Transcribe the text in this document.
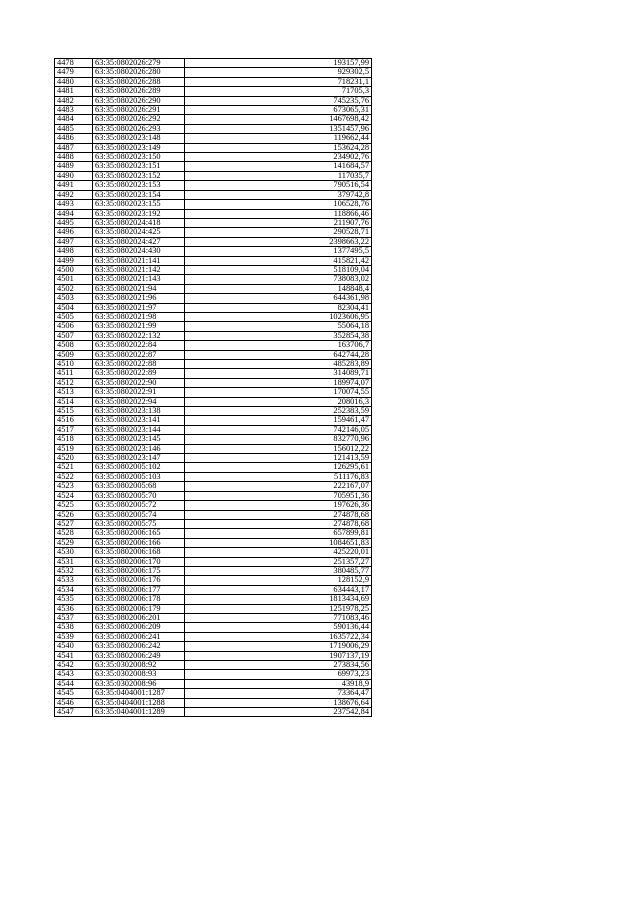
4478	63:35:0802026:279	193157,99
4479	63:35:0802026:280	929302,5
4480	63:35:0802026:288	718231,1
4481	63:35:0802026:289	71705,3
4482	63:35:0802026:290	745235,76
4483	63:35:0802026:291	673065,31
4484	63:35:0802026:292	1467698,42
4485	63:35:0802026:293	1351457,96
4486	63:35:0802023:148	119662,44
4487	63:35:0802023:149	153624,28
4488	63:35:0802023:150	234902,76
4489	63:35:0802023:151	141684,57
4490	63:35:0802023:152	117035,7
4491	63:35:0802023:153	790516,54
4492	63:35:0802023:154	379742,8
4493	63:35:0802023:155	106528,76
4494	63:35:0802023:192	118866,46
4495	63:35:0802024:418	211907,76
4496	63:35:0802024:425	290528,71
4497	63:35:0802024:427	2398663,22
4498	63:35:0802024:430	1377495,5
4499	63:35:0802021:141	415821,42
4500	63:35:0802021:142	518109,04
4501	63:35:0802021:143	738083,02
4502	63:35:0802021:94	148848,4
4503	63:35:0802021:96	644361,98
4504	63:35:0802021:97	82304,41
4505	63:35:0802021:98	1023606,95
4506	63:35:0802021:99	55064,18
4507	63:35:0802022:132	352854,38
4508	63:35:0802022:84	163706,7
4509	63:35:0802022:87	642744,28
4510	63:35:0802022:88	485283,89
4511	63:35:0802022:89	314089,71
4512	63:35:0802022:90	189974,07
4513	63:35:0802022:91	170074,55
4514	63:35:0802022:94	208016,3
4515	63:35:0802023:138	252383,59
4516	63:35:0802023:141	159461,47
4517	63:35:0802023:144	742146,05
4518	63:35:0802023:145	832770,96
4519	63:35:0802023:146	156012,22
4520	63:35:0802023:147	121413,59
4521	63:35:0802005:102	126295,61
4522	63:35:0802005:103	511176,83
4523	63:35:0802005:68	222167,07
4524	63:35:0802005:70	705951,36
4525	63:35:0802005:72	197626,36
4526	63:35:0802005:74	274878,68
4527	63:35:0802005:75	274878,68
4528	63:35:0802006:165	657899,81
4529	63:35:0802006:166	1084651,83
4530	63:35:0802006:168	425220,01
4531	63:35:0802006:170	251357,27
4532	63:35:0802006:175	380485,77
4533	63:35:0802006:176	128152,9
4534	63:35:0802006:177	634443,17
4535	63:35:0802006:178	1813434,69
4536	63:35:0802006:179	1251978,25
4537	63:35:0802006:201	771083,46
4538	63:35:0802006:209	590136,44
4539	63:35:0802006:241	1635722,34
4540	63:35:0802006:242	1719006,29
4541	63:35:0802006:249	1907137,19
4542	63:35:0302008:92	273834,56
4543	63:35:0302008:93	69973,23
4544	63:35:0302008:96	43918,9
4545	63:35:0404001:1287	73364,47
4546	63:35:0404001:1288	138676,64
4547	63:35:0404001:1289	237542,84
